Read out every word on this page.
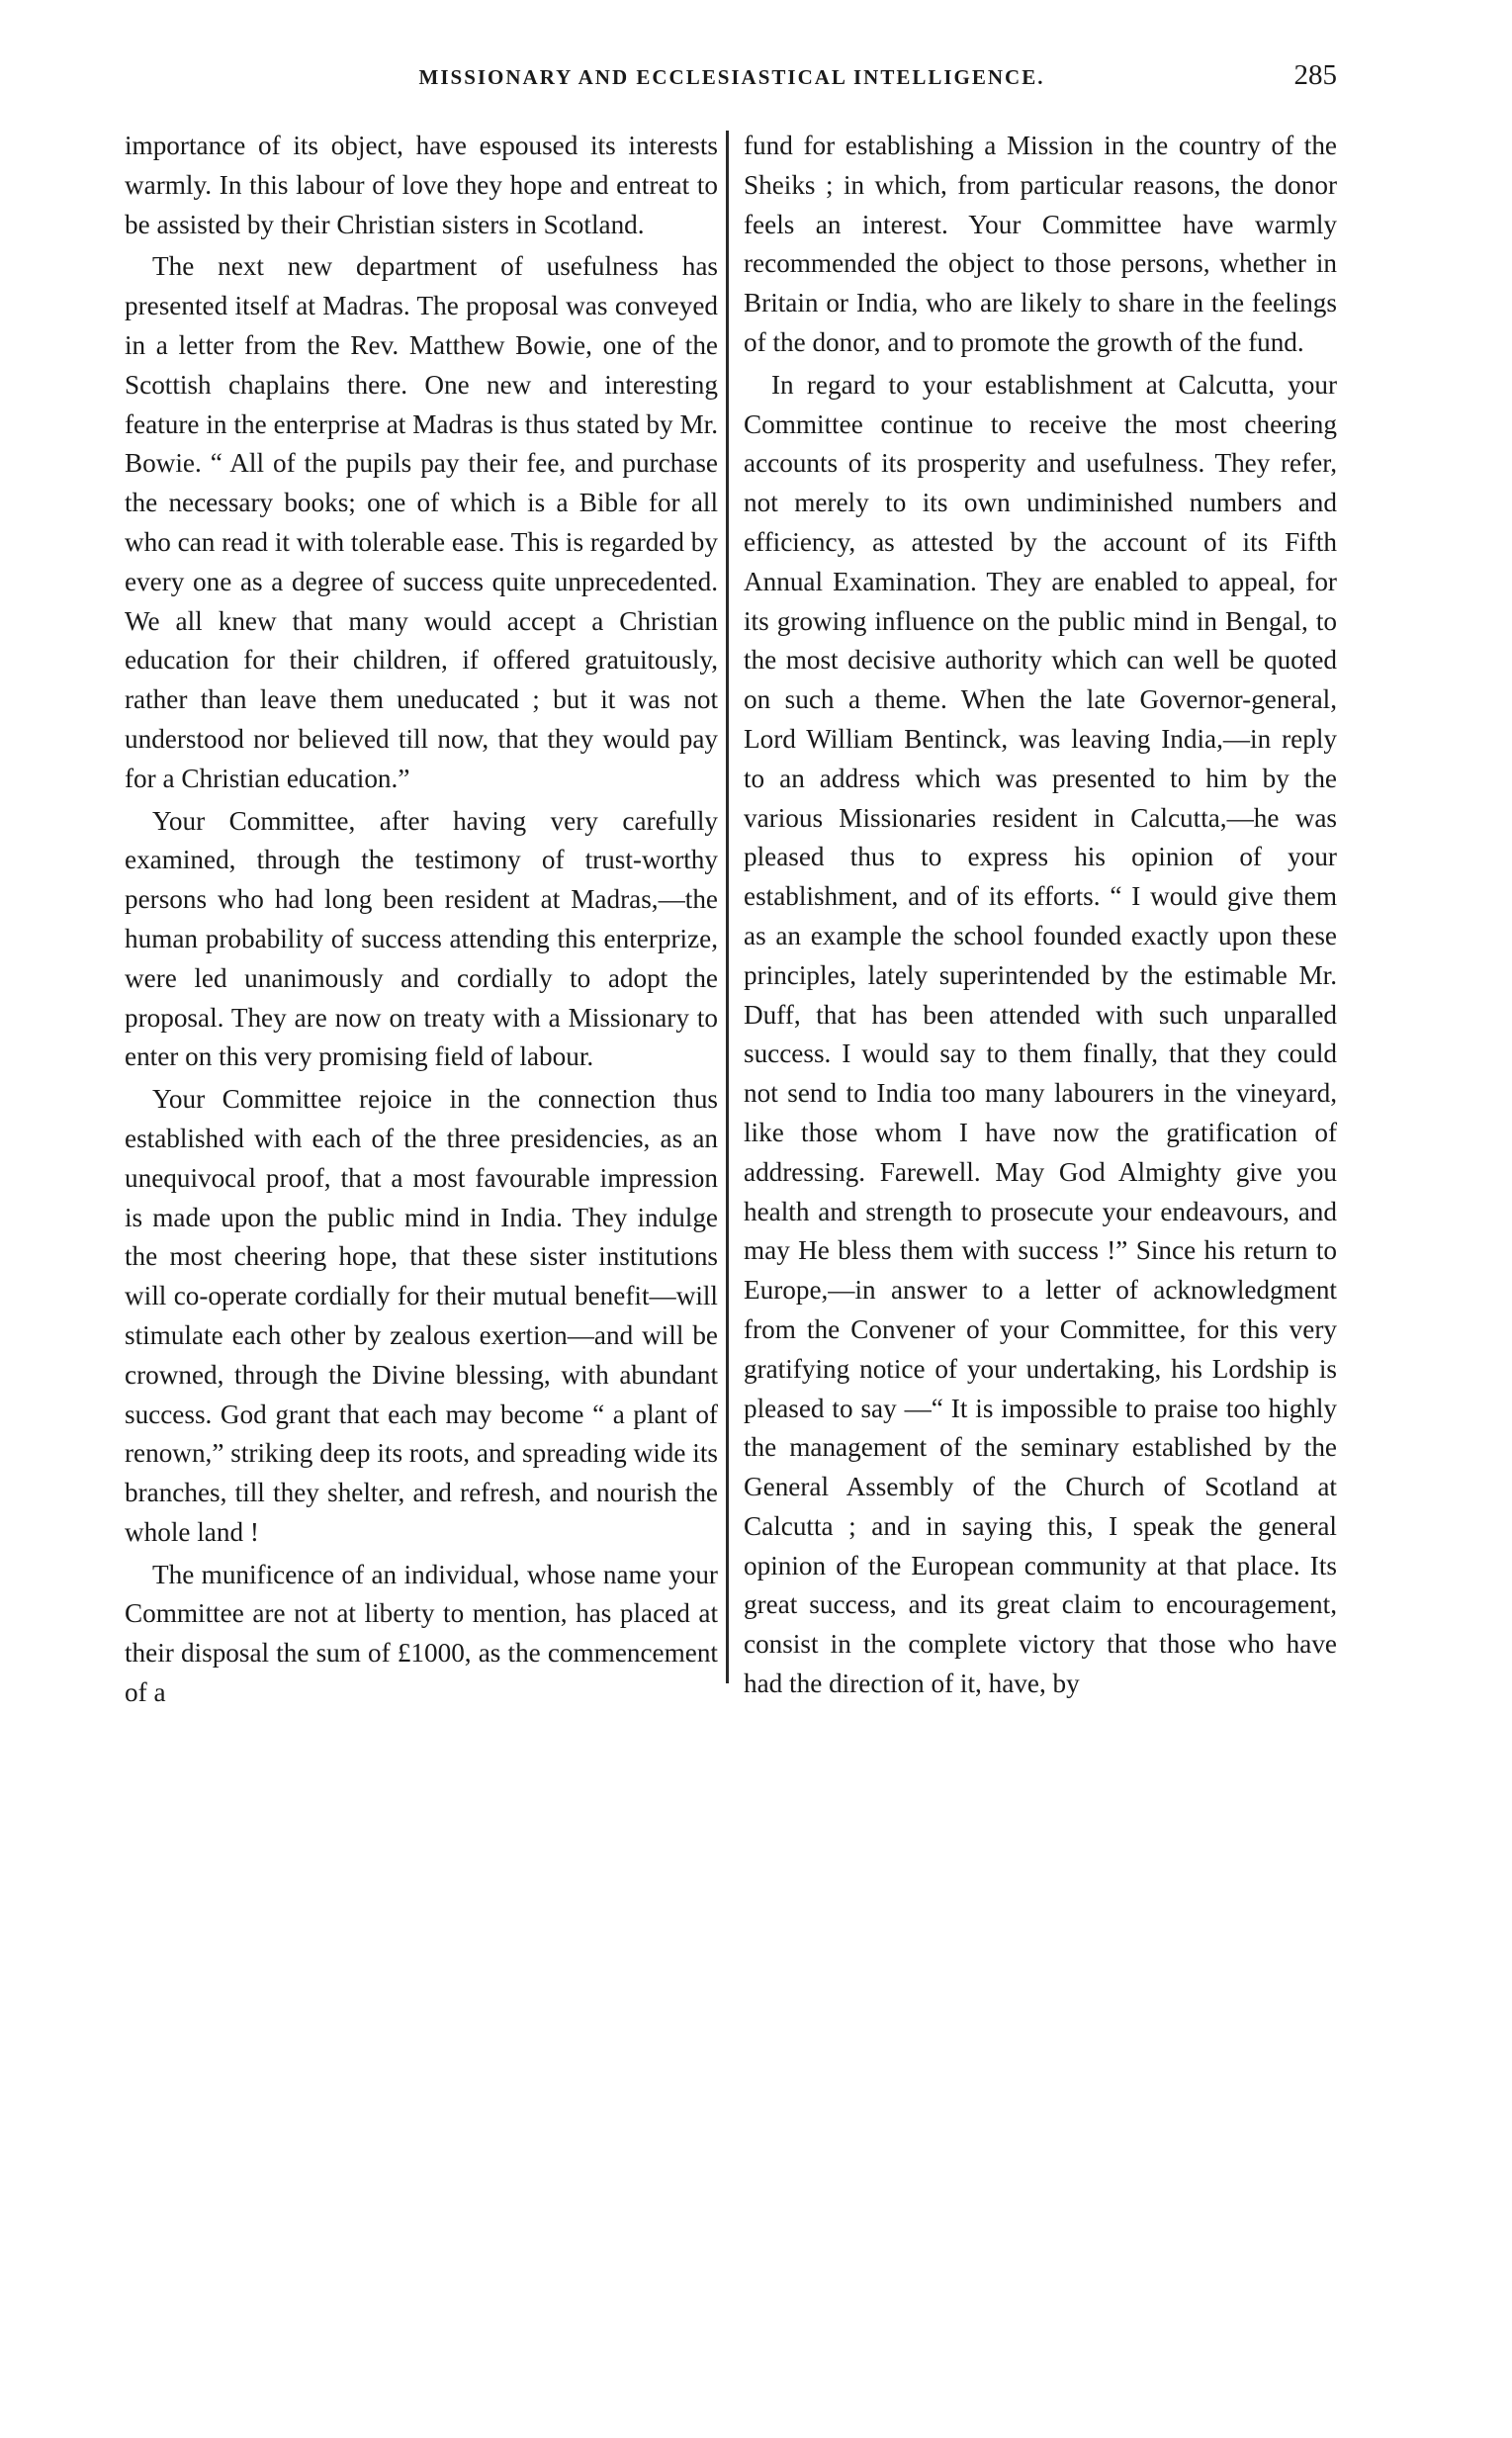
MISSIONARY AND ECCLESIASTICAL INTELLIGENCE.	285

importance of its object, have espoused its interests warmly. In this labour of love they hope and entreat to be assisted by their Christian sisters in Scotland.

The next new department of usefulness has presented itself at Madras. The proposal was conveyed in a letter from the Rev. Matthew Bowie, one of the Scottish chaplains there. One new and interesting feature in the enterprise at Madras is thus stated by Mr. Bowie. “ All of the pupils pay their fee, and purchase the necessary books; one of which is a Bible for all who can read it with tolerable ease. This is regarded by every one as a degree of success quite unprecedented. We all knew that many would accept a Christian education for their children, if offered gratuitously, rather than leave them uneducated ; but it was not understood nor believed till now, that they would pay for a Christian education.”

Your Committee, after having very carefully examined, through the testimony of trust-worthy persons who had long been resident at Madras,—the human probability of success attending this enterprize, were led unanimously and cordially to adopt the proposal. They are now on treaty with a Missionary to enter on this very promising field of labour.

Your Committee rejoice in the connection thus established with each of the three presidencies, as an unequivocal proof, that a most favourable impression is made upon the public mind in India. They indulge the most cheering hope, that these sister institutions will co-operate cordially for their mutual benefit—will stimulate each other by zealous exertion—and will be crowned, through the Divine blessing, with abundant success. God grant that each may become “ a plant of renown,” striking deep its roots, and spreading wide its branches, till they shelter, and refresh, and nourish the whole land !

The munificence of an individual, whose name your Committee are not at liberty to mention, has placed at their disposal the sum of £1000, as the commencement of a

fund for establishing a Mission in the country of the Sheiks ; in which, from particular reasons, the donor feels an interest. Your Committee have warmly recommended the object to those persons, whether in Britain or India, who are likely to share in the feelings of the donor, and to promote the growth of the fund.

In regard to your establishment at Calcutta, your Committee continue to receive the most cheering accounts of its prosperity and usefulness. They refer, not merely to its own undiminished numbers and efficiency, as attested by the account of its Fifth Annual Examination. They are enabled to appeal, for its growing influence on the public mind in Bengal, to the most decisive authority which can well be quoted on such a theme. When the late Governor-general, Lord William Bentinck, was leaving India,—in reply to an address which was presented to him by the various Missionaries resident in Calcutta,—he was pleased thus to express his opinion of your establishment, and of its efforts. “ I would give them as an example the school founded exactly upon these principles, lately superintended by the estimable Mr. Duff, that has been attended with such unparalled success. I would say to them finally, that they could not send to India too many labourers in the vineyard, like those whom I have now the gratification of addressing. Farewell. May God Almighty give you health and strength to prosecute your endeavours, and may He bless them with success !” Since his return to Europe,—in answer to a letter of acknowledgment from the Convener of your Committee, for this very gratifying notice of your undertaking, his Lordship is pleased to say —“ It is impossible to praise too highly the management of the seminary established by the General Assembly of the Church of Scotland at Calcutta ; and in saying this, I speak the general opinion of the European community at that place. Its great success, and its great claim to encouragement, consist in the complete victory that those who have had the direction of it, have, by
